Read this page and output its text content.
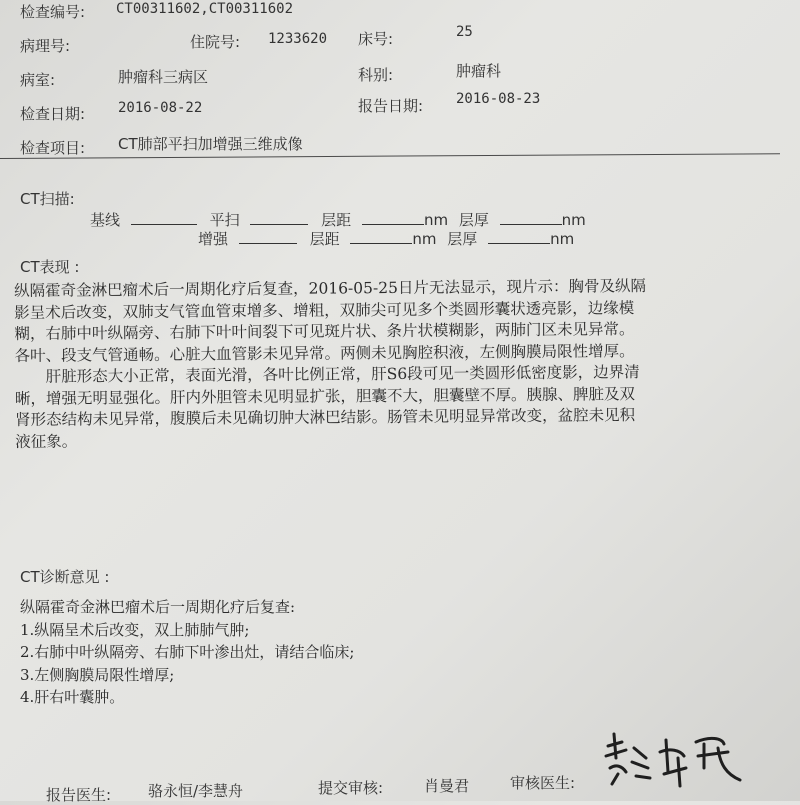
检查编号: CT00311602,CT00311602
病理号:	住院号: 1233620 床号:	25
病室:	肿瘤科三病区	科别:	肿瘤科
检查日期: 2016-08-22	报告日期: 2016-08-23
检查项目: CT肺部平扫加增强三维成像
CT扫描:
基线	平扫	层距	nm 层厚	nm
增强	层距	nm 层厚	nm
CT表现 :
纵隔霍奇金淋巴瘤术后一周期化疗后复查，2016-05-25日片无法显示，现片示：胸骨及纵隔
影呈术后改变，双肺支气管血管束增多、增粗，双肺尖可见多个类圆形囊状透亮影，边缘模
糊，右肺中叶纵隔旁、右肺下叶叶间裂下可见斑片状、条片状模糊影，两肺门区未见异常。
各叶、段支气管通畅。心脏大血管影未见异常。两侧未见胸腔积液，左侧胸膜局限性增厚。
　　肝脏形态大小正常，表面光滑，各叶比例正常，肝S6段可见一类圆形低密度影，边界清
晰，增强无明显强化。肝内外胆管未见明显扩张，胆囊不大，胆囊壁不厚。胰腺、脾脏及双
肾形态结构未见异常，腹膜后未见确切肿大淋巴结影。肠管未见明显异常改变，盆腔未见积
液征象。
CT诊断意见 :
纵隔霍奇金淋巴瘤术后一周期化疗后复查:
1.纵隔呈术后改变，双上肺肺气肿;
2.右肺中叶纵隔旁、右肺下叶渗出灶，请结合临床;
3.左侧胸膜局限性增厚;
4.肝右叶囊肿。
报告医生: 骆永恒/李慧舟	提交审核:	肖曼君	审核医生:
